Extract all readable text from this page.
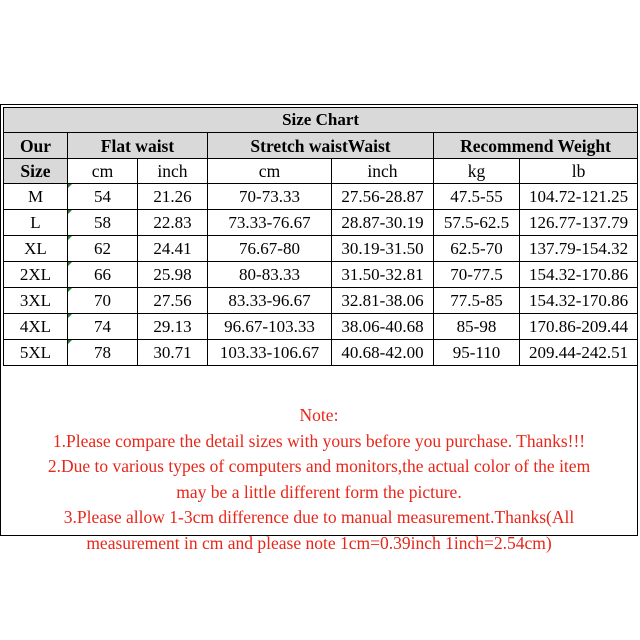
Size Chart						
Our	Flat waist		Stretch waistWaist		Recommend Weight	
Size	cm	inch	cm	inch	kg	lb
M	54	21.26	70-73.33	27.56-28.87	47.5-55	104.72-121.25
L	58	22.83	73.33-76.67	28.87-30.19	57.5-62.5	126.77-137.79
XL	62	24.41	76.67-80	30.19-31.50	62.5-70	137.79-154.32
2XL	66	25.98	80-83.33	31.50-32.81	70-77.5	154.32-170.86
3XL	70	27.56	83.33-96.67	32.81-38.06	77.5-85	154.32-170.86
4XL	74	29.13	96.67-103.33	38.06-40.68	85-98	170.86-209.44
5XL	78	30.71	103.33-106.67	40.68-42.00	95-110	209.44-242.51

Note:

1.Please compare the detail sizes with yours before you purchase. Thanks!!!

2.Due to various types of computers and monitors,the actual color of the item

may be a little different form the picture.

3.Please allow 1-3cm difference due to manual measurement.Thanks(All

measurement in cm and please note 1cm=0.39inch 1inch=2.54cm)
